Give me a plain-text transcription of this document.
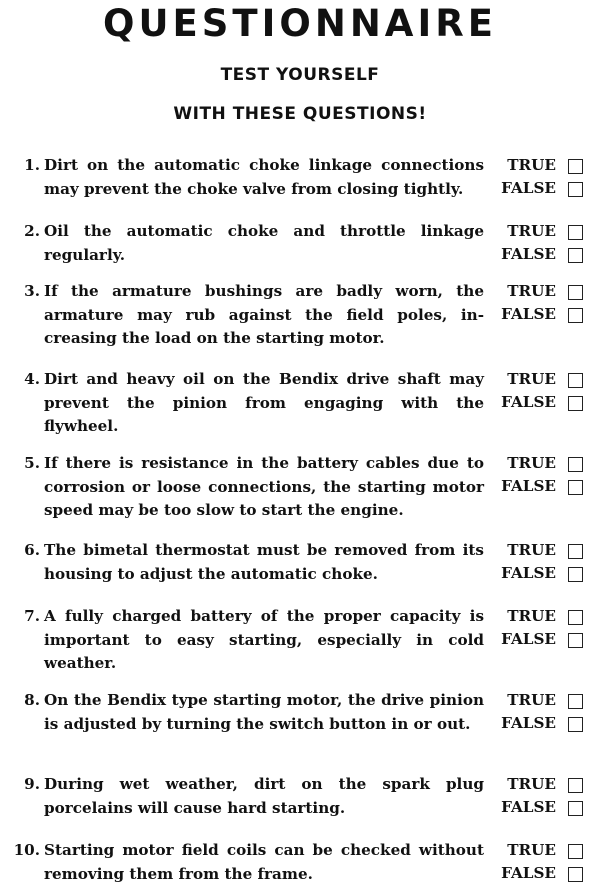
QUESTIONNAIRE
TEST YOURSELF
WITH THESE QUESTIONS!
1. Dirt on the automatic choke linkage connections may prevent the choke valve from closing tightly.
TRUE
FALSE
2. Oil the automatic choke and throttle linkage regularly.
TRUE
FALSE
3. If the armature bushings are badly worn, the armature may rub against the field poles, increasing the load on the starting motor.
TRUE
FALSE
4. Dirt and heavy oil on the Bendix drive shaft may prevent the pinion from engaging with the flywheel.
TRUE
FALSE
5. If there is resistance in the battery cables due to corrosion or loose connections, the starting motor speed may be too slow to start the engine.
TRUE
FALSE
6. The bimetal thermostat must be removed from its housing to adjust the automatic choke.
TRUE
FALSE
7. A fully charged battery of the proper capacity is important to easy starting, especially in cold weather.
TRUE
FALSE
8. On the Bendix type starting motor, the drive pinion is adjusted by turning the switch button in or out.
TRUE
FALSE
9. During wet weather, dirt on the spark plug porcelains will cause hard starting.
TRUE
FALSE
10. Starting motor field coils can be checked without removing them from the frame.
TRUE
FALSE
